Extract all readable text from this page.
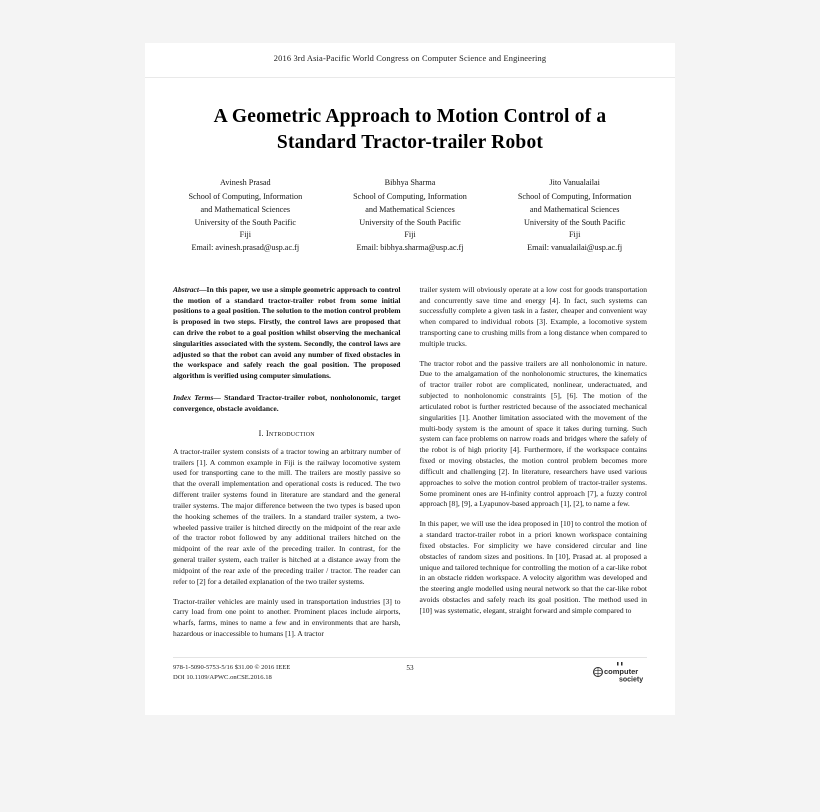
2016 3rd Asia-Pacific World Congress on Computer Science and Engineering
A Geometric Approach to Motion Control of a Standard Tractor-trailer Robot
Avinesh Prasad
School of Computing, Information
and Mathematical Sciences
University of the South Pacific
Fiji
Email: avinesh.prasad@usp.ac.fj
Bibhya Sharma
School of Computing, Information
and Mathematical Sciences
University of the South Pacific
Fiji
Email: bibhya.sharma@usp.ac.fj
Jito Vanualailai
School of Computing, Information
and Mathematical Sciences
University of the South Pacific
Fiji
Email: vanualailai@usp.ac.fj

Abstract—In this paper, we use a simple geometric approach to control the motion of a standard tractor-trailer robot from some initial positions to a goal position. The solution to the motion control problem is proposed in two steps. Firstly, the control laws are proposed that can drive the robot to a goal position whilst observing the mechanical singularities associated with the system. Secondly, the control laws are adjusted so that the robot can avoid any number of fixed obstacles in the workspace and safely reach the goal position. The proposed algorithm is verified using computer simulations.

Index Terms— Standard Tractor-trailer robot, nonholonomic, target convergence, obstacle avoidance.

I. Introduction

A tractor-trailer system consists of a tractor towing an arbitrary number of trailers [1]. A common example in Fiji is the railway locomotive system used for transporting cane to the mill. The trailers are mostly passive so that the overall implementation and operational costs is reduced. The two different trailer systems found in literature are standard and the general trailer systems. The major difference between the two types is based upon the hooking schemes of the trailers. In a standard trailer system, a two-wheeled passive trailer is hitched directly on the midpoint of the rear axle of the tractor robot followed by any additional trailers hitched on the midpoint of the rear axle of the preceding trailer. In contrast, for the general trailer system, each trailer is hitched at a distance away from the midpoint of the rear axle of the preceding trailer / tractor. The reader can refer to [2] for a detailed explanation of the two trailer systems.

Tractor-trailer vehicles are mainly used in transportation industries [3] to carry load from one point to another. Prominent places include airports, wharfs, farms, mines to name a few and in environments that are harsh, hazardous or inaccessible to humans [1]. A tractor

trailer system will obviously operate at a low cost for goods transportation and concurrently save time and energy [4]. In fact, such systems can successfully complete a given task in a faster, cheaper and convenient way when compared to individual robots [3]. Example, a locomotive system transporting cane to crushing mills from a long distance when compared to multiple trucks.

The tractor robot and the passive trailers are all nonholonomic in nature. Due to the amalgamation of the nonholonomic structures, the kinematics of tractor trailer robot are complicated, nonlinear, underactuated, and subjected to nonholonomic constraints [5], [6]. The motion of the articulated robot is further restricted because of the associated mechanical singularities [1]. Another limitation associated with the movement of the multi-body system is the amount of space it takes during turning. Such system can face problems on narrow roads and bridges where the safely of the robot is of high priority [4]. Furthermore, if the workspace contains fixed or moving obstacles, the motion control problem becomes more difficult and challenging [2]. In literature, researchers have used various approaches to solve the motion control problem of tractor-trailer systems. Some prominent ones are H-infinity control approach [7], a fuzzy control approach [8], [9], a Lyapunov-based approach [1], [2], to name a few.

In this paper, we will use the idea proposed in [10] to control the motion of a standard tractor-trailer robot in a priori known workspace containing fixed obstacles. For simplicity we have considered circular and line obstacles of random sizes and positions. In [10], Prasad at. al proposed a unique and tailored technique for controlling the motion of a car-like robot in an obstacle ridden workspace. A velocity algorithm was developed and the steering angle modelled using neural network so that the car-like robot avoids obstacles and safely reach its goal position. The method used in [10] was systematic, elegant, straight forward and simple compared to

978-1-5090-5753-5/16 $31.00 © 2016 IEEE
DOI 10.1109/APWC.onCSE.2016.18
53	computer
society
